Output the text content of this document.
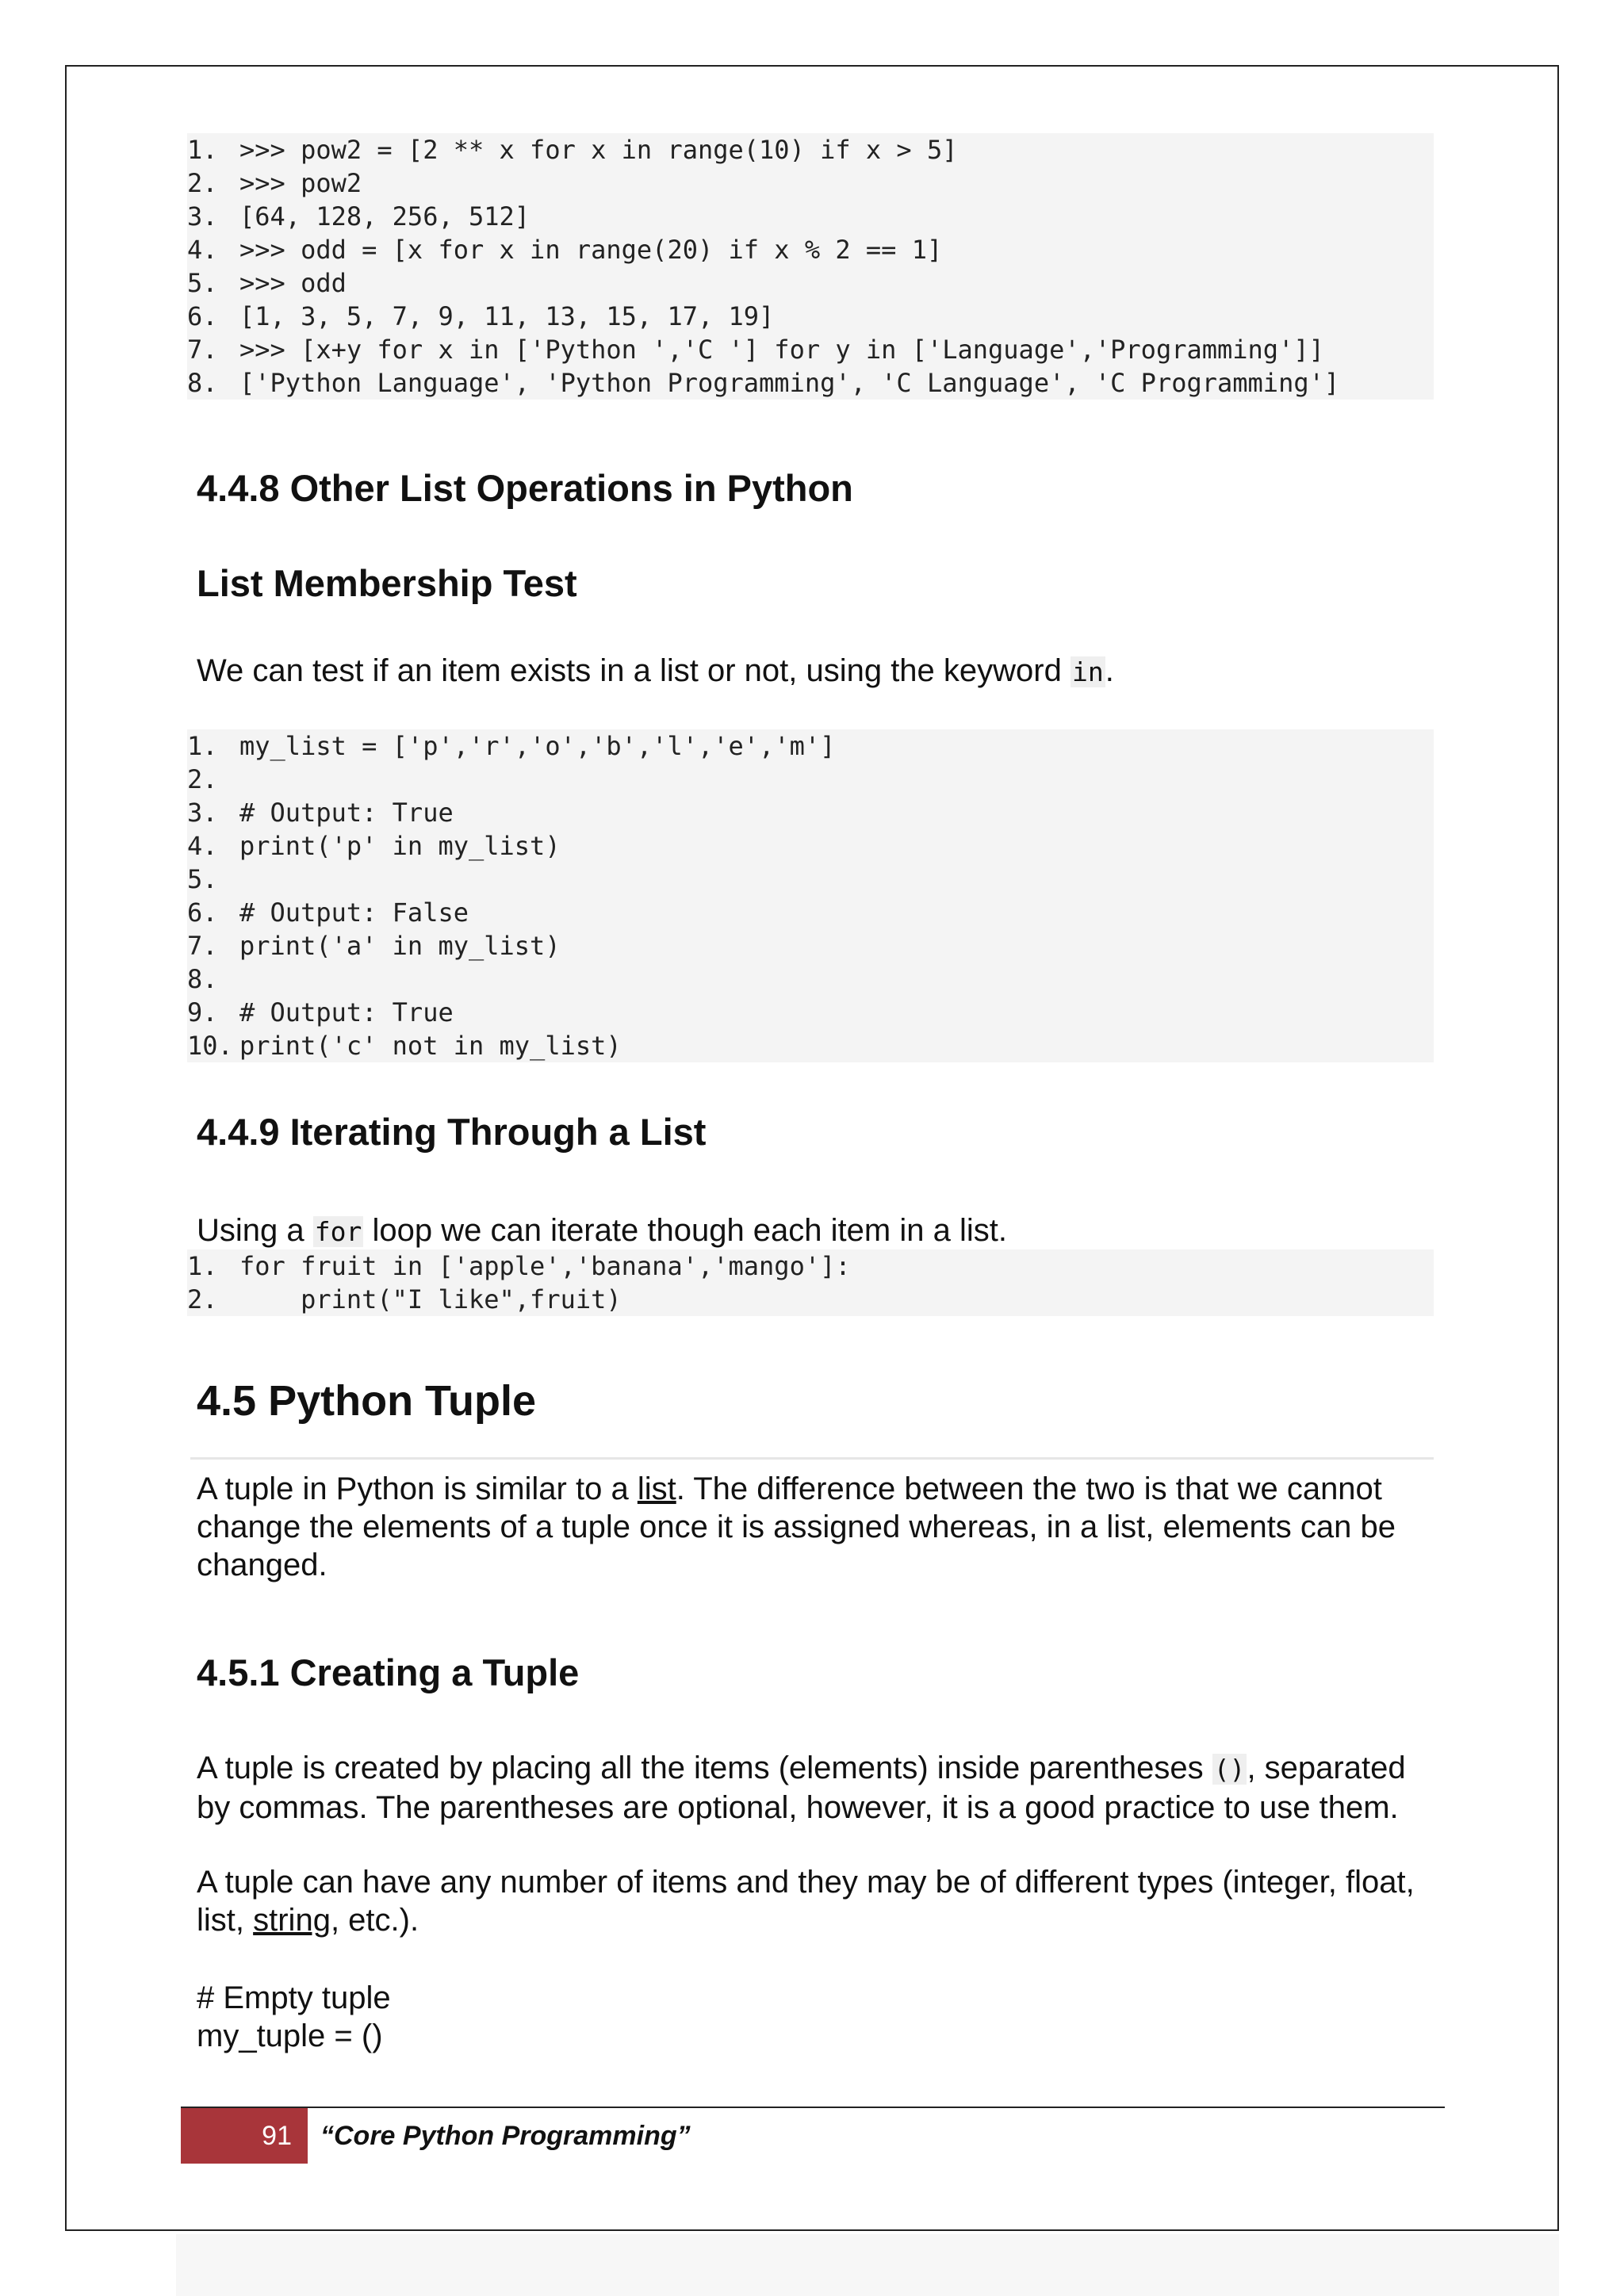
1. >>> pow2 = [2 ** x for x in range(10) if x > 5]
2. >>> pow2
3. [64, 128, 256, 512]
4. >>> odd = [x for x in range(20) if x % 2 == 1]
5. >>> odd
6. [1, 3, 5, 7, 9, 11, 13, 15, 17, 19]
7. >>> [x+y for x in ['Python ','C '] for y in ['Language','Programming']]
8. ['Python Language', 'Python Programming', 'C Language', 'C Programming']
4.4.8 Other List Operations in Python
List Membership Test
We can test if an item exists in a list or not, using the keyword in.
1. my_list = ['p','r','o','b','l','e','m']
2.
3. # Output: True
4. print('p' in my_list)
5.
6. # Output: False
7. print('a' in my_list)
8.
9. # Output: True
10. print('c' not in my_list)
4.4.9 Iterating Through a List
Using a for loop we can iterate though each item in a list.
1. for fruit in ['apple','banana','mango']:
2. print("I like",fruit)
4.5 Python Tuple
A tuple in Python is similar to a list. The difference between the two is that we cannot change the elements of a tuple once it is assigned whereas, in a list, elements can be changed.
4.5.1 Creating a Tuple
A tuple is created by placing all the items (elements) inside parentheses (), separated by commas. The parentheses are optional, however, it is a good practice to use them.
A tuple can have any number of items and they may be of different types (integer, float, list, string, etc.).
# Empty tuple
my_tuple = ()
91	“Core Python Programming”
